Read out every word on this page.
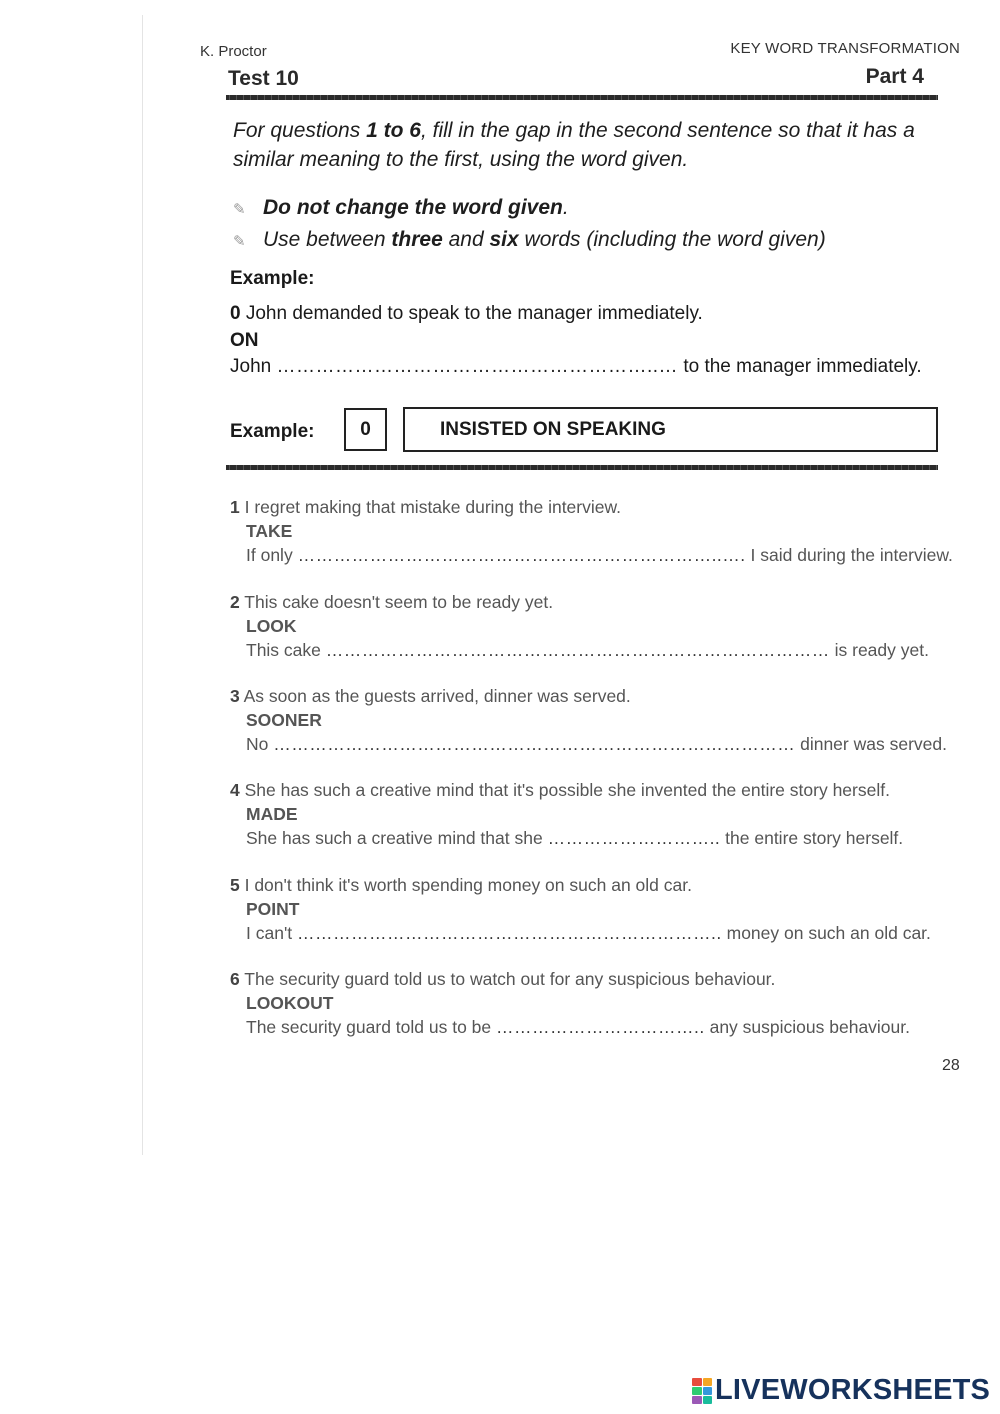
K. Proctor	KEY WORD TRANSFORMATION
Test 10	Part 4
For questions 1 to 6, fill in the gap in the second sentence so that it has a similar meaning to the first, using the word given.
✎ Do not change the word given.
✎ Use between three and six words (including the word given)
Example:
0 John demanded to speak to the manager immediately.
ON
John …………………………………………………..… to the manager immediately.
Example:	0	INSISTED ON SPEAKING
1 I regret making that mistake during the interview.
TAKE
If only ……………………………………………………………..…. I said during the interview.
2 This cake doesn't seem to be ready yet.
LOOK
This cake ………………………………………………………………………… is ready yet.
3 As soon as the guests arrived, dinner was served.
SOONER
No …………………………………………………………………………… dinner was served.
4 She has such a creative mind that it's possible she invented the entire story herself.
MADE
She has such a creative mind that she ……………………….. the entire story herself.
5 I don't think it's worth spending money on such an old car.
POINT
I can't …………………………………………………………….. money on such an old car.
6 The security guard told us to watch out for any suspicious behaviour.
LOOKOUT
The security guard told us to be …………………………….. any suspicious behaviour.
28
LIVEWORKSHEETS
